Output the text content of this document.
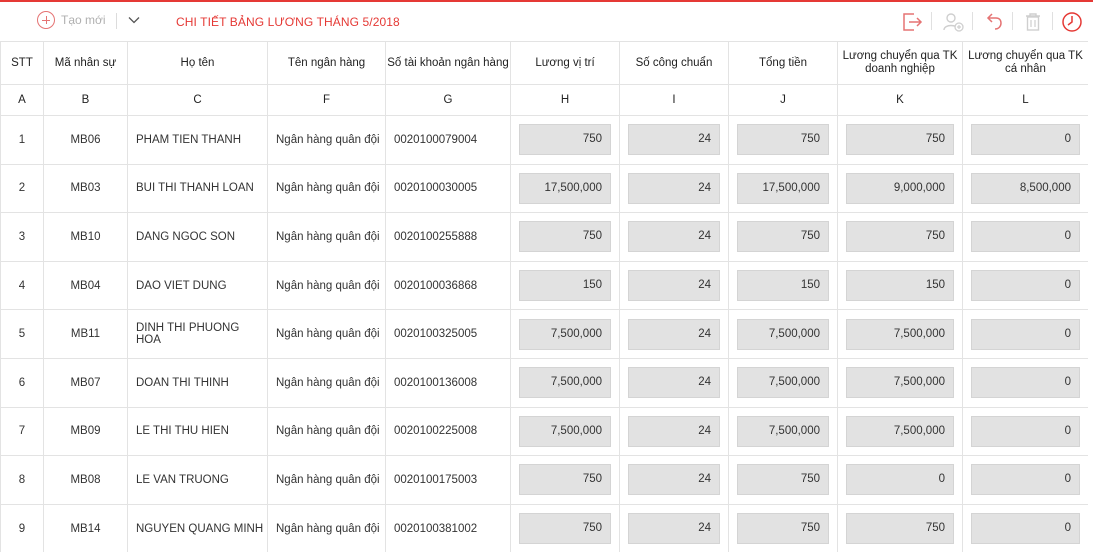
Tạo mới	CHI TIẾT BẢNG LƯƠNG THÁNG 5/2018
STT	Mã nhân sự	Họ tên	Tên ngân hàng	Số tài khoản ngân hàng	Lương vị trí	Số công chuẩn	Tổng tiền	Lương chuyển qua TK doanh nghiệp	Lương chuyển qua TK cá nhân
A	B	C	F	G	H	I	J	K	L
1	MB06	PHAM TIEN THANH	Ngân hàng quân đội	0020100079004	750	24	750	750	0

2	MB03	BUI THI THANH LOAN	Ngân hàng quân đội	0020100030005	17,500,000	24	17,500,000	9,000,000	8,500,000

3	MB10	DANG NGOC SON	Ngân hàng quân đội	0020100255888	750	24	750	750	0

4	MB04	DAO VIET DUNG	Ngân hàng quân đội	0020100036868	150	24	150	150	0

5	MB11	DINH THI PHUONG HOA	Ngân hàng quân đội	0020100325005	7,500,000	24	7,500,000	7,500,000	0

6	MB07	DOAN THI THINH	Ngân hàng quân đội	0020100136008	7,500,000	24	7,500,000	7,500,000	0

7	MB09	LE THI THU HIEN	Ngân hàng quân đội	0020100225008	7,500,000	24	7,500,000	7,500,000	0

8	MB08	LE VAN TRUONG	Ngân hàng quân đội	0020100175003	750	24	750	0	0

9	MB14	NGUYEN QUANG MINH	Ngân hàng quân đội	0020100381002	750	24	750	750	0
